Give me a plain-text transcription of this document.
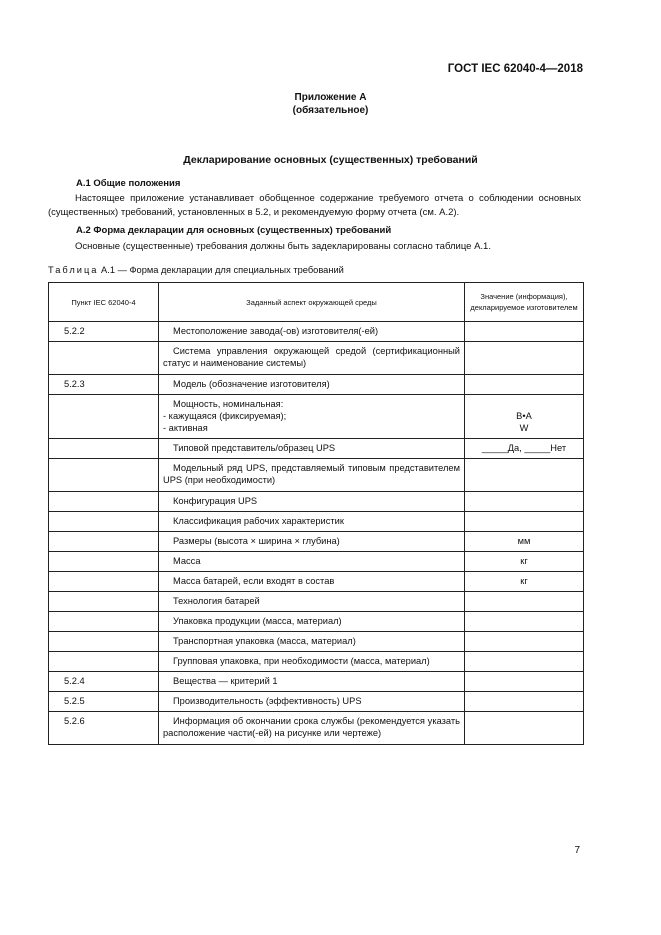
ГОСТ IEC 62040-4—2018
Приложение А
(обязательное)
Декларирование основных (существенных) требований
А.1 Общие положения
Настоящее приложение устанавливает обобщенное содержание требуемого отчета о соблюдении основных (существенных) требований, установленных в 5.2, и рекомендуемую форму отчета (см. А.2).
А.2 Форма декларации для основных (существенных) требований
Основные (существенные) требования должны быть задекларированы согласно таблице А.1.
Таблица А.1 — Форма декларации для специальных требований
Пункт IEC 62040-4	Заданный аспект окружающей среды	Значение (информация), декларируемое изготовителем
5.2.2	Местоположение завода(-ов) изготовителя(-ей)	

	Система управления окружающей средой (сертификационный статус и наименование системы)	

5.2.3	Модель (обозначение изготовителя)	

	Мощность, номинальная:
- кажущаяся (фиксируемая);
- активная	В•А
W

	Типовой представитель/образец UPS	_____Да, _____Нет

	Модельный ряд UPS, представляемый типовым представителем UPS (при необходимости)	

	Конфигурация UPS	

	Классификация рабочих характеристик	

	Размеры (высота × ширина × глубина)	мм

	Масса	кг

	Масса батарей, если входят в состав	кг

	Технология батарей	

	Упаковка продукции (масса, материал)	

	Транспортная упаковка (масса, материал)	

	Групповая упаковка, при необходимости (масса, материал)	

5.2.4	Вещества — критерий 1	

5.2.5	Производительность (эффективность) UPS	

5.2.6	Информация об окончании срока службы (рекомендуется указать расположение части(-ей) на рисунке или чертеже)	

7
